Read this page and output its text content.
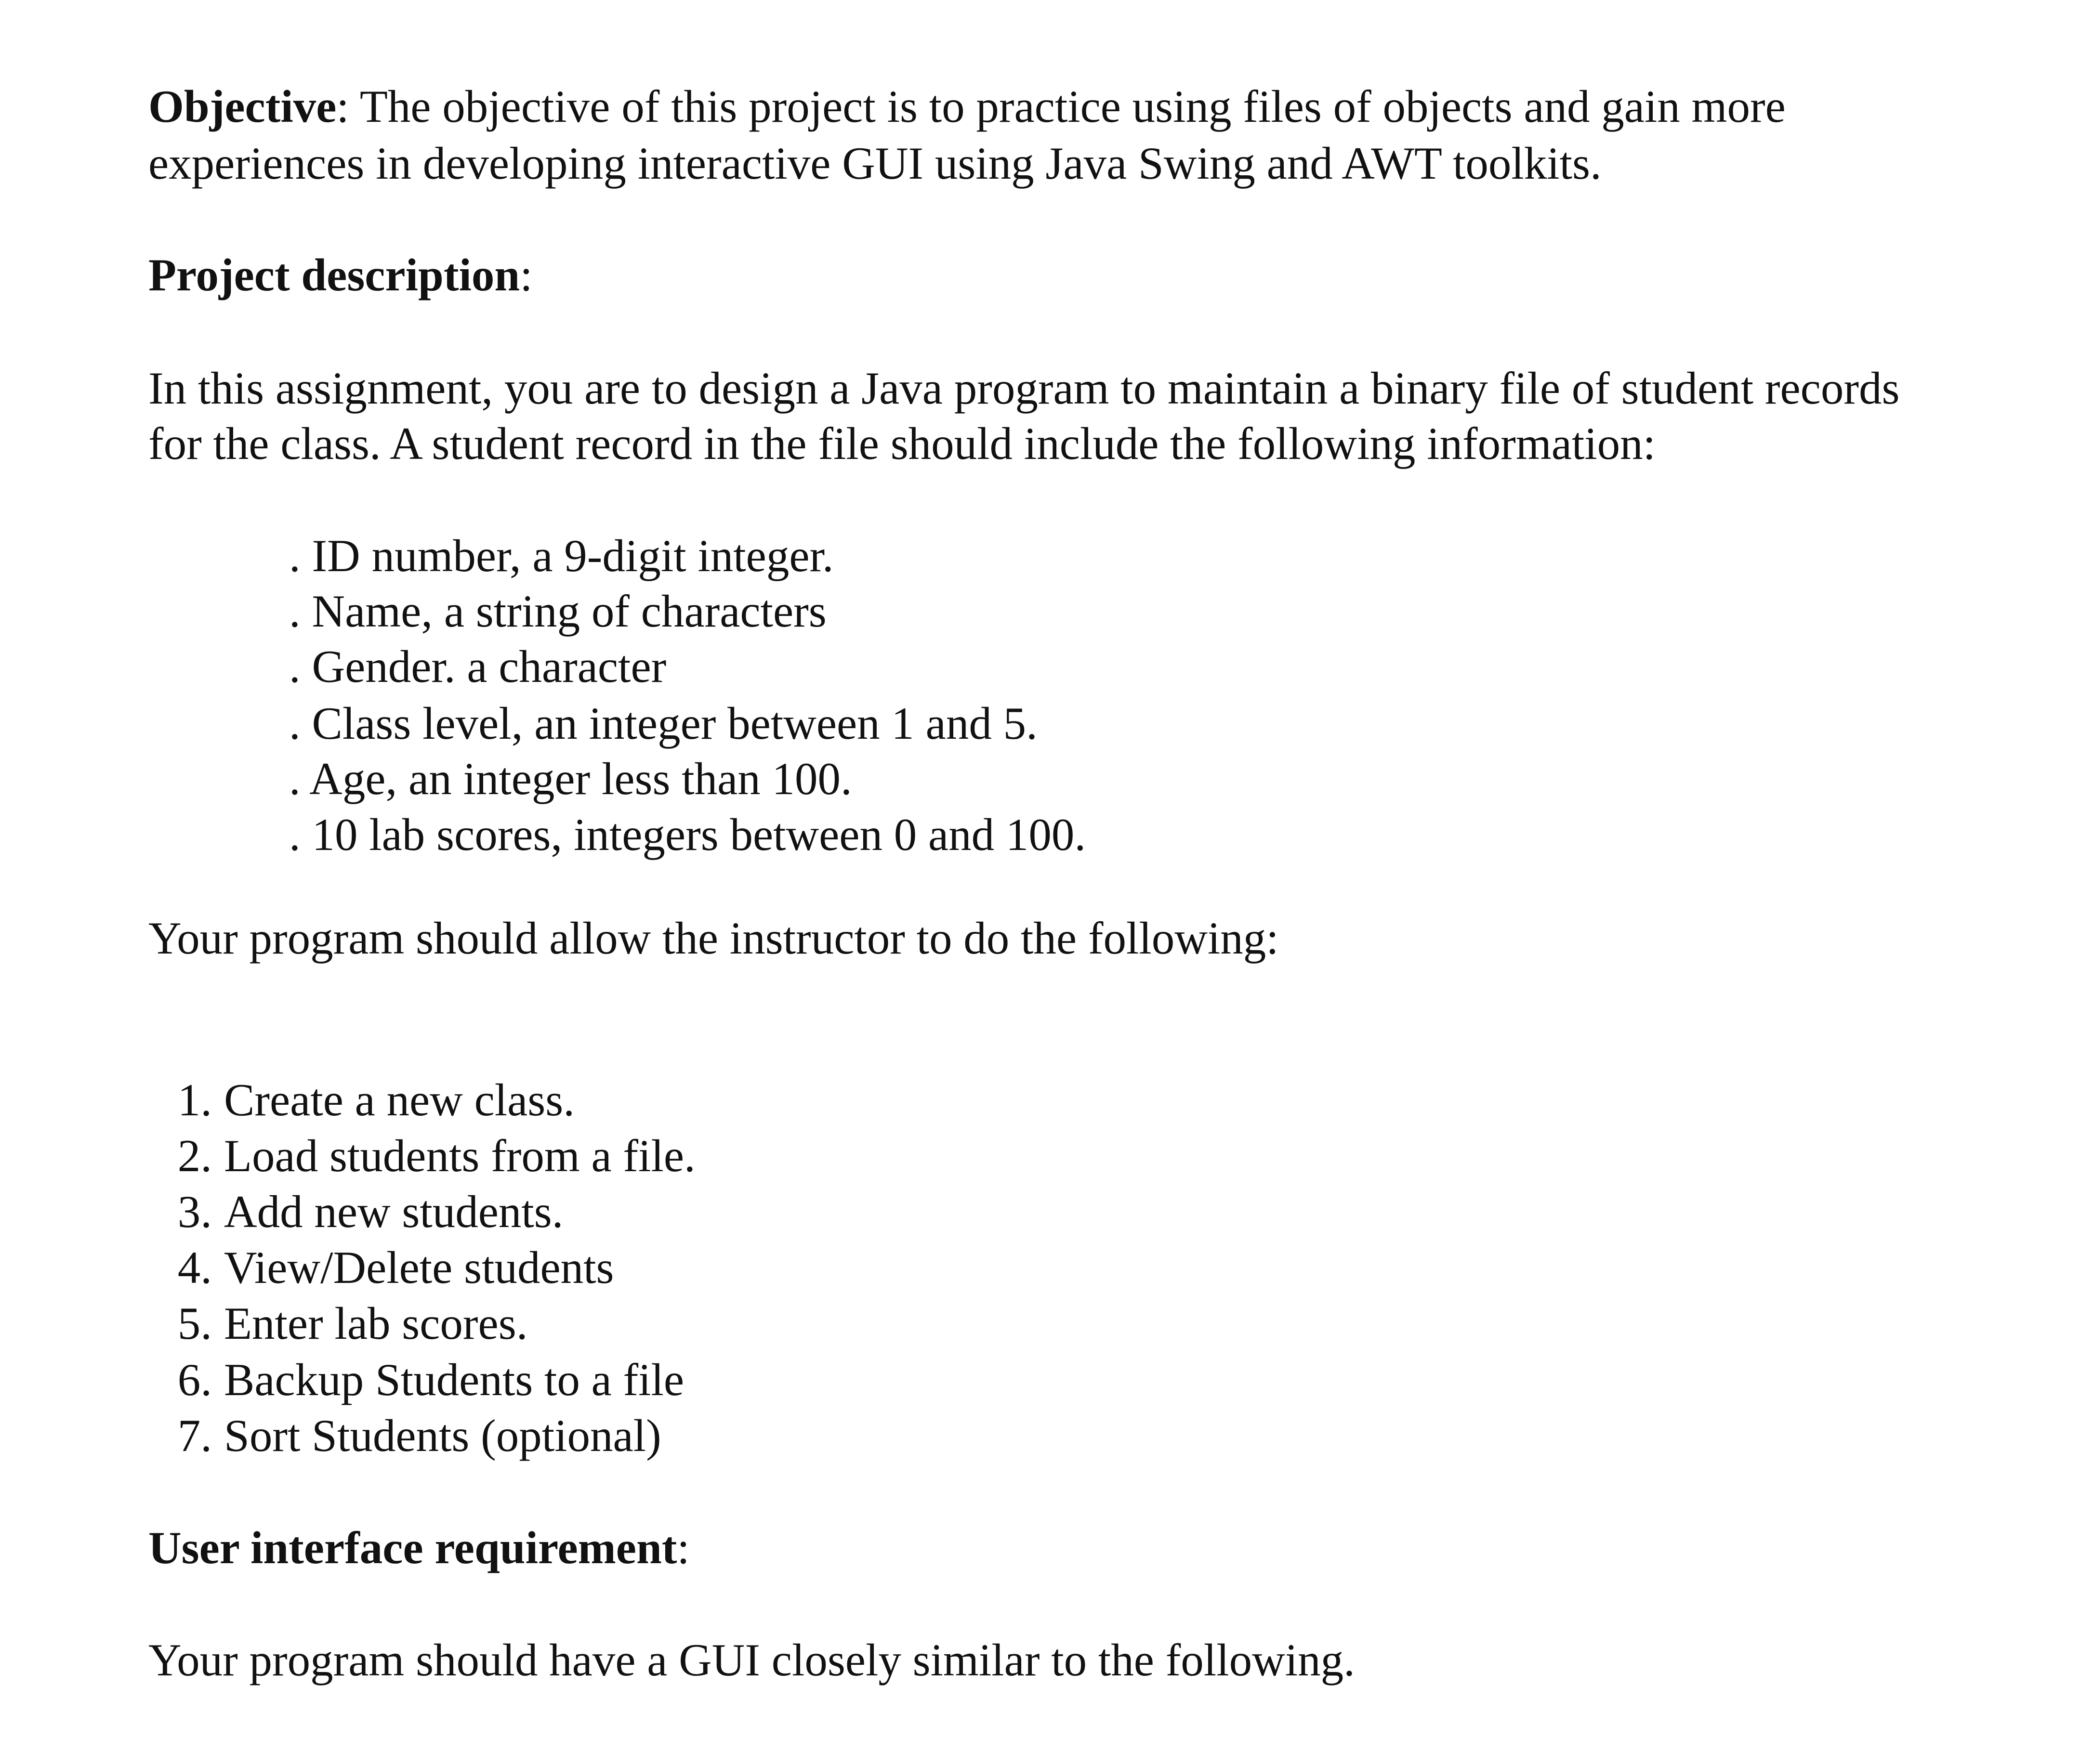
Objective: The objective of this project is to practice using files of objects and gain more
experiences in developing interactive GUI using Java Swing and AWT toolkits.
Project description:
In this assignment, you are to design a Java program to maintain a binary file of student records
for the class. A student record in the file should include the following information:
. ID number, a 9-digit integer.
. Name, a string of characters
. Gender. a character
. Class level, an integer between 1 and 5.
. Age, an integer less than 100.
. 10 lab scores, integers between 0 and 100.
Your program should allow the instructor to do the following:
1. Create a new class.
2. Load students from a file.
3. Add new students.
4. View/Delete students
5. Enter lab scores.
6. Backup Students to a file
7. Sort Students (optional)
User interface requirement:
Your program should have a GUI closely similar to the following.
